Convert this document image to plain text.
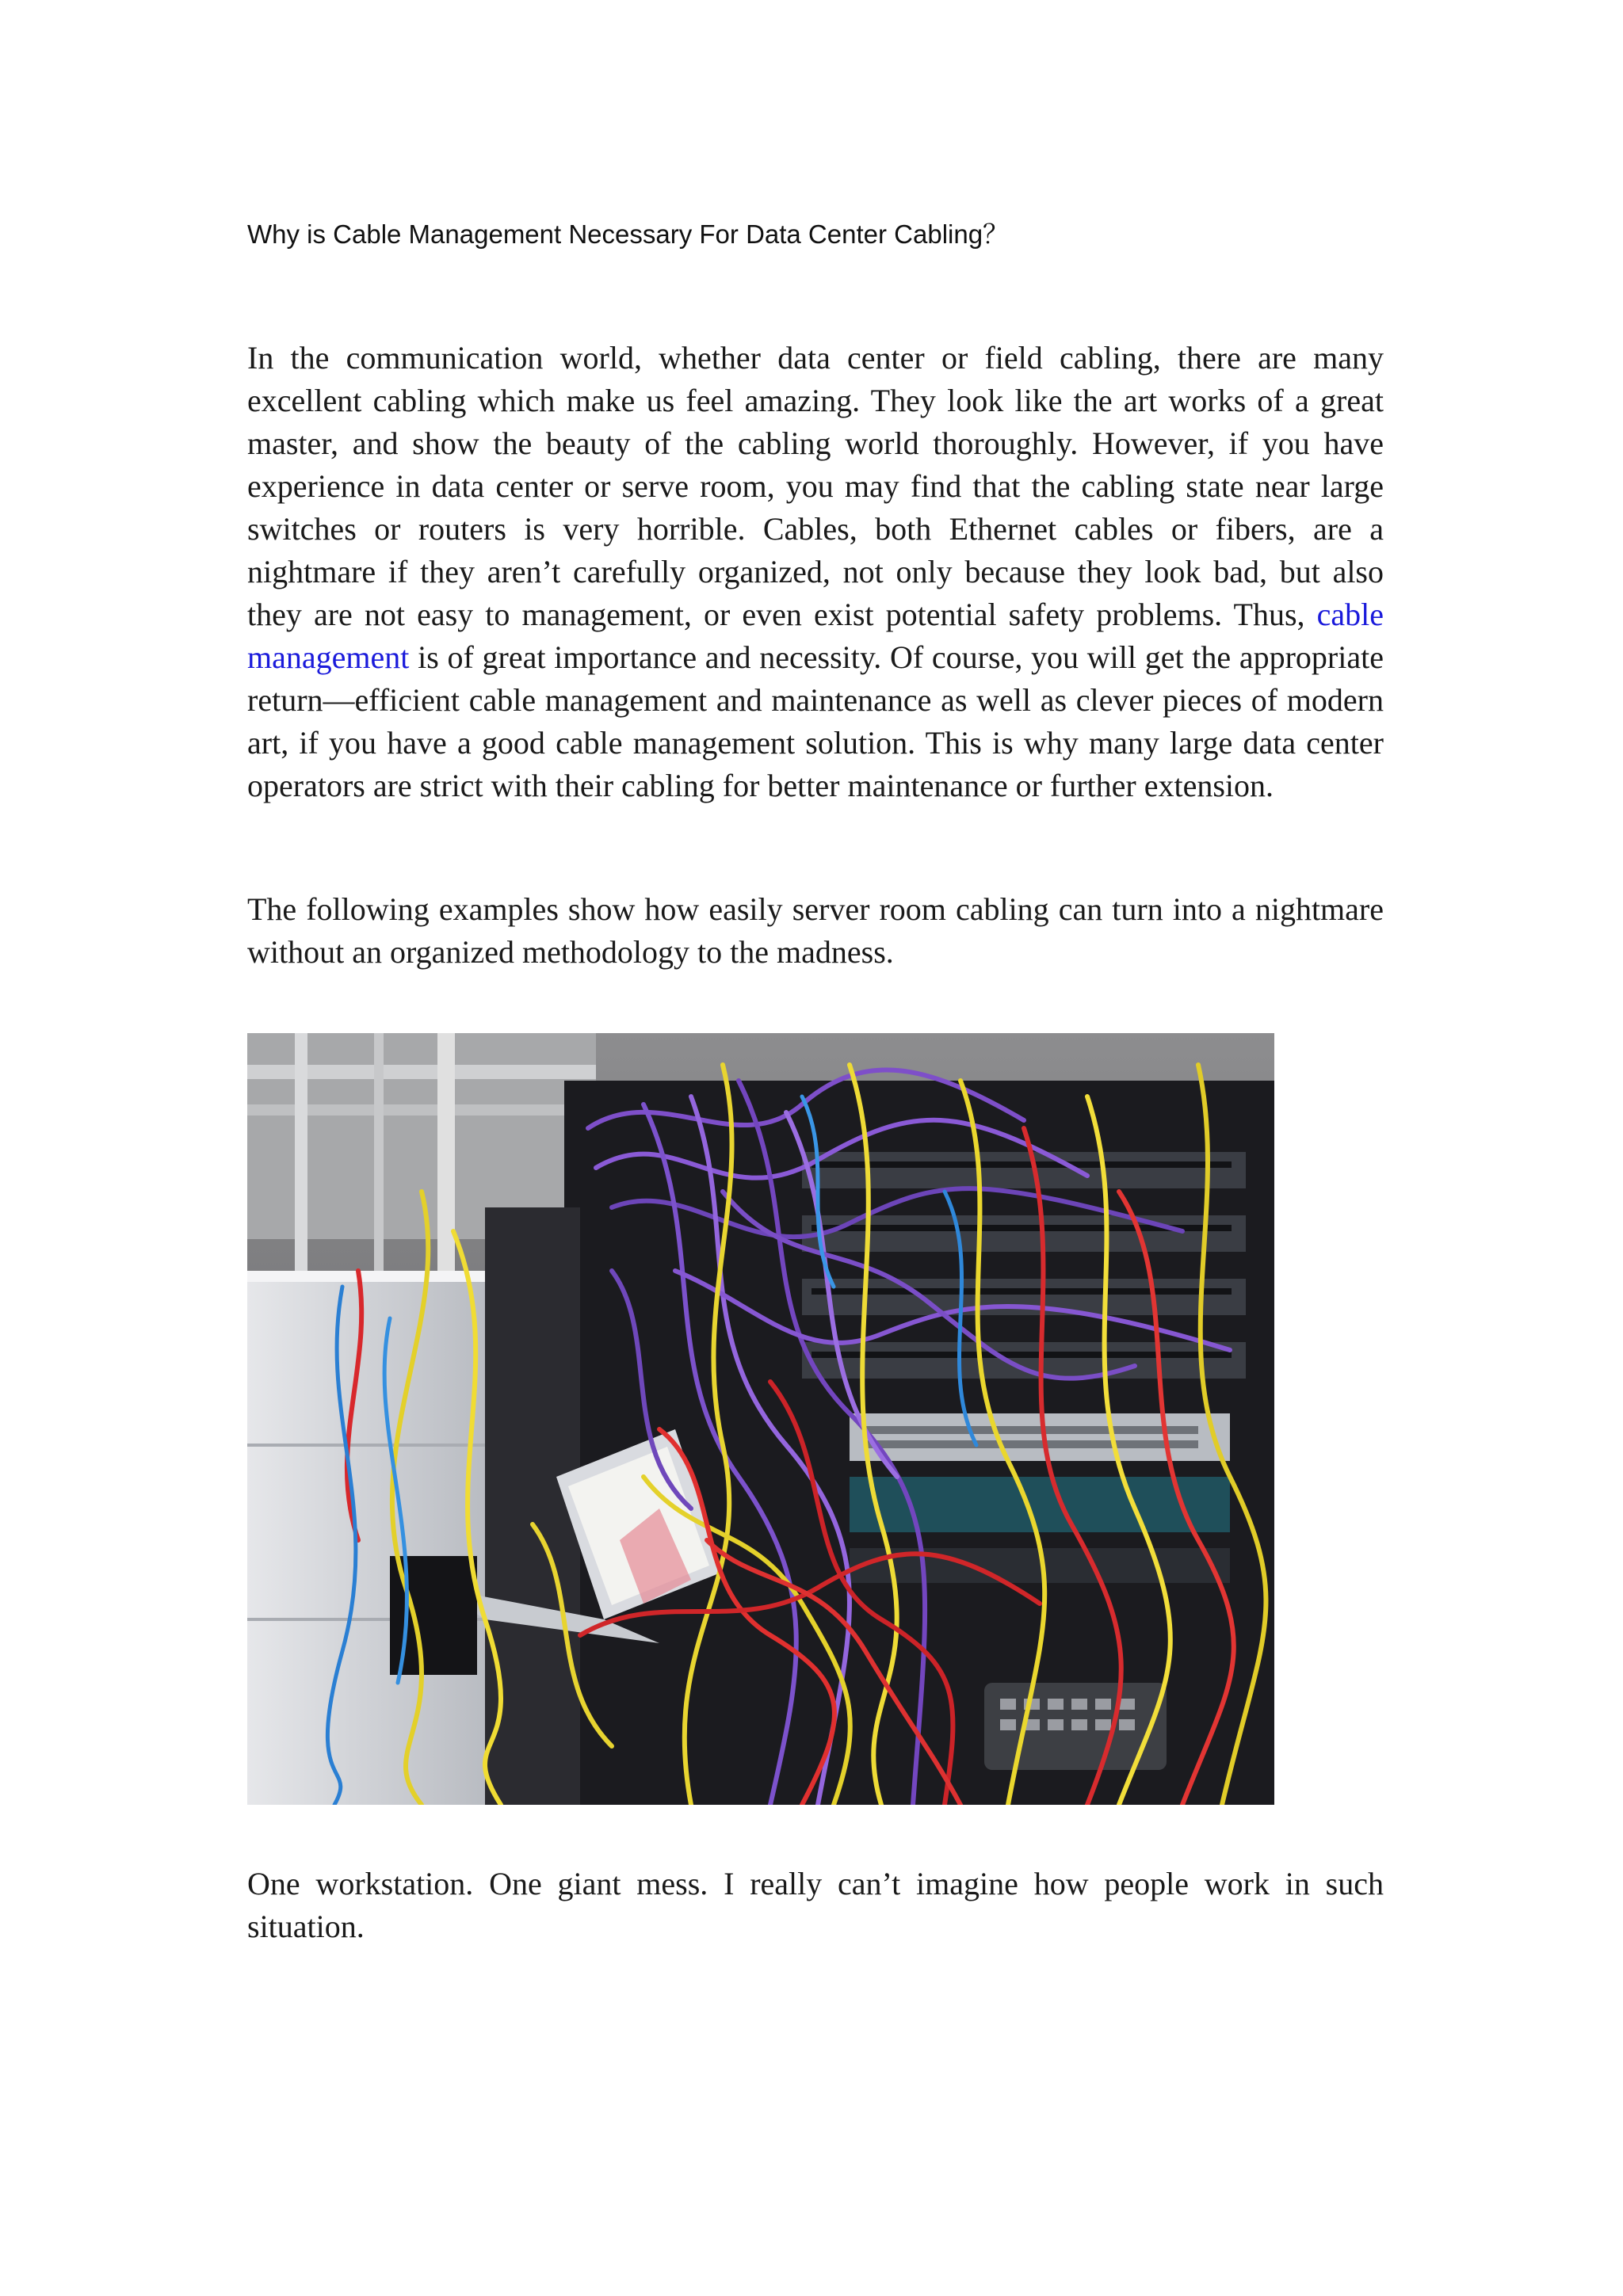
Why is Cable Management Necessary For Data Center Cabling？

In the communication world, whether data center or field cabling, there are many excellent cabling which make us feel amazing. They look like the art works of a great master, and show the beauty of the cabling world thoroughly. However, if you have experience in data center or serve room, you may find that the cabling state near large switches or routers is very horrible. Cables, both Ethernet cables or fibers, are a nightmare if they aren’t carefully organized, not only because they look bad, but also they are not easy to management, or even exist potential safety problems. Thus, cable management is of great importance and necessity. Of course, you will get the appropriate return—efficient cable management and maintenance as well as clever pieces of modern art, if you have a good cable management solution. This is why many large data center operators are strict with their cabling for better maintenance or further extension.

The following examples show how easily server room cabling can turn into a nightmare without an organized methodology to the madness.

One workstation. One giant mess. I really can’t imagine how people work in such situation.
